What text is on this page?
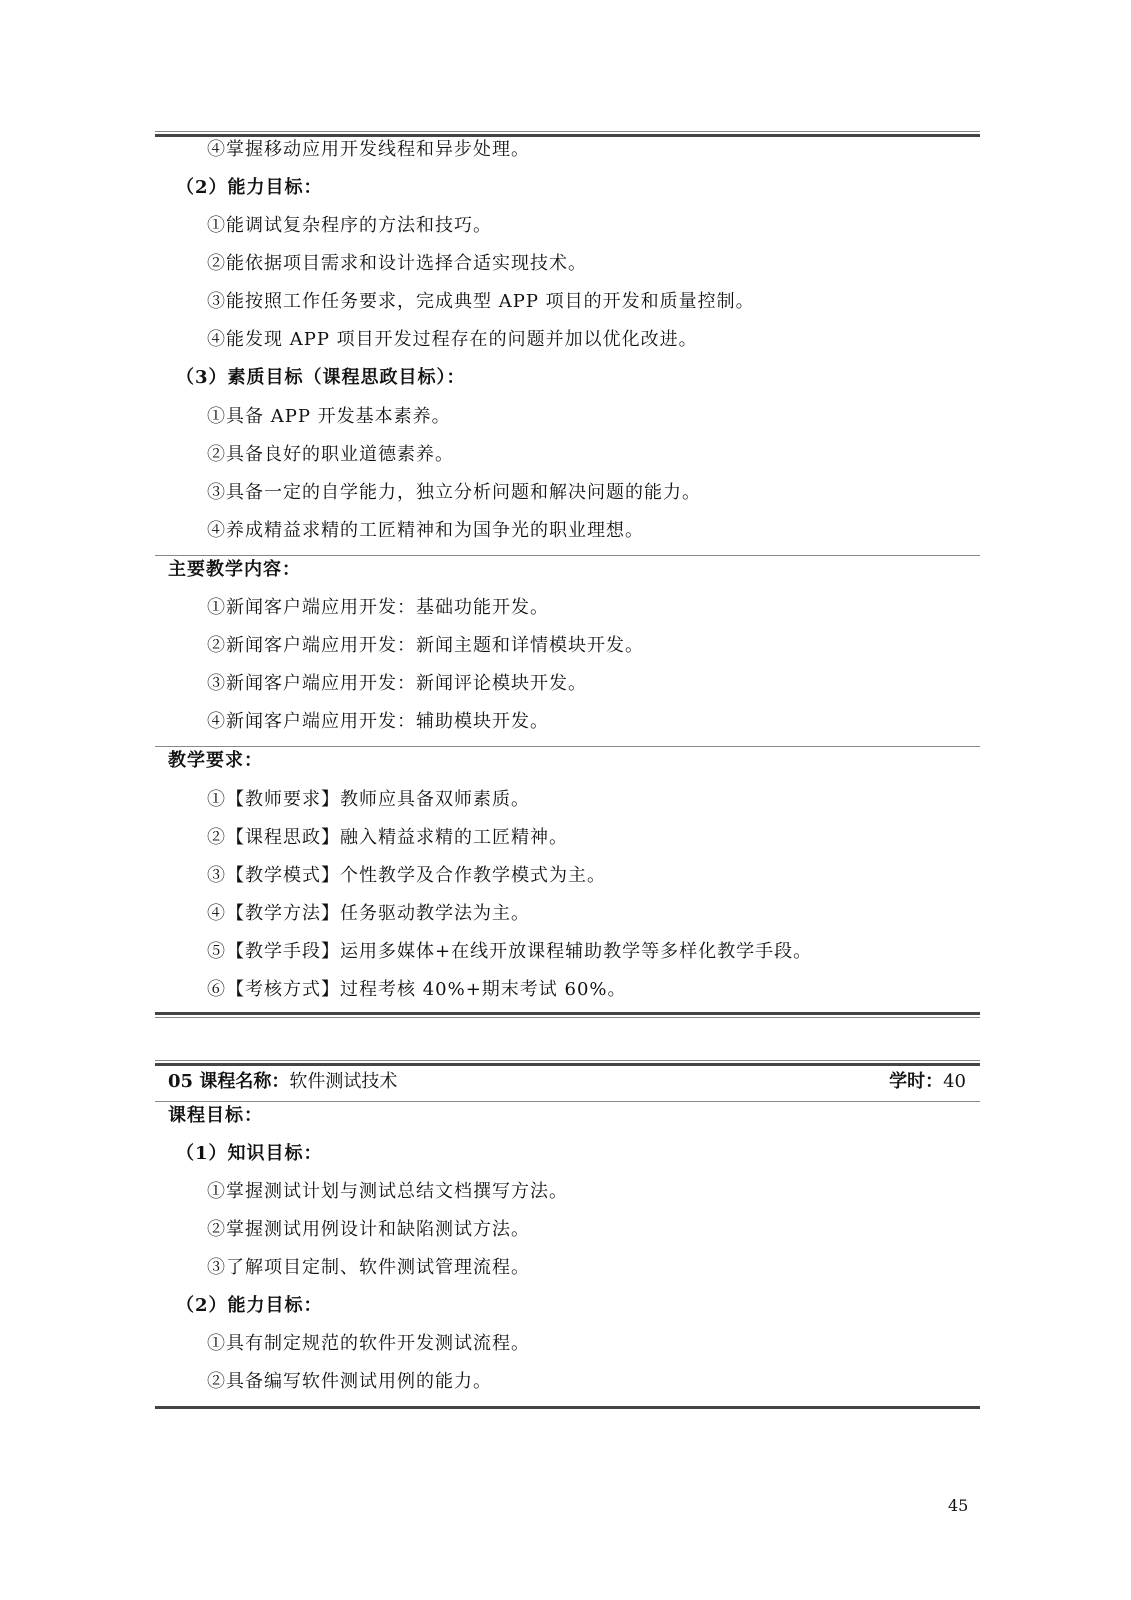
④掌握移动应用开发线程和异步处理。
（2）能力目标：
①能调试复杂程序的方法和技巧。
②能依据项目需求和设计选择合适实现技术。
③能按照工作任务要求，完成典型 APP 项目的开发和质量控制。
④能发现 APP 项目开发过程存在的问题并加以优化改进。
（3）素质目标（课程思政目标）：
①具备 APP 开发基本素养。
②具备良好的职业道德素养。
③具备一定的自学能力，独立分析问题和解决问题的能力。
④养成精益求精的工匠精神和为国争光的职业理想。
主要教学内容：
①新闻客户端应用开发：基础功能开发。
②新闻客户端应用开发：新闻主题和详情模块开发。
③新闻客户端应用开发：新闻评论模块开发。
④新闻客户端应用开发：辅助模块开发。
教学要求：
①【教师要求】教师应具备双师素质。
②【课程思政】融入精益求精的工匠精神。
③【教学模式】个性教学及合作教学模式为主。
④【教学方法】任务驱动教学法为主。
⑤【教学手段】运用多媒体+在线开放课程辅助教学等多样化教学手段。
⑥【考核方式】过程考核 40%+期末考试 60%。
05 课程名称：软件测试技术	学时：40
课程目标：
（1）知识目标：
①掌握测试计划与测试总结文档撰写方法。
②掌握测试用例设计和缺陷测试方法。
③了解项目定制、软件测试管理流程。
（2）能力目标：
①具有制定规范的软件开发测试流程。
②具备编写软件测试用例的能力。
45
